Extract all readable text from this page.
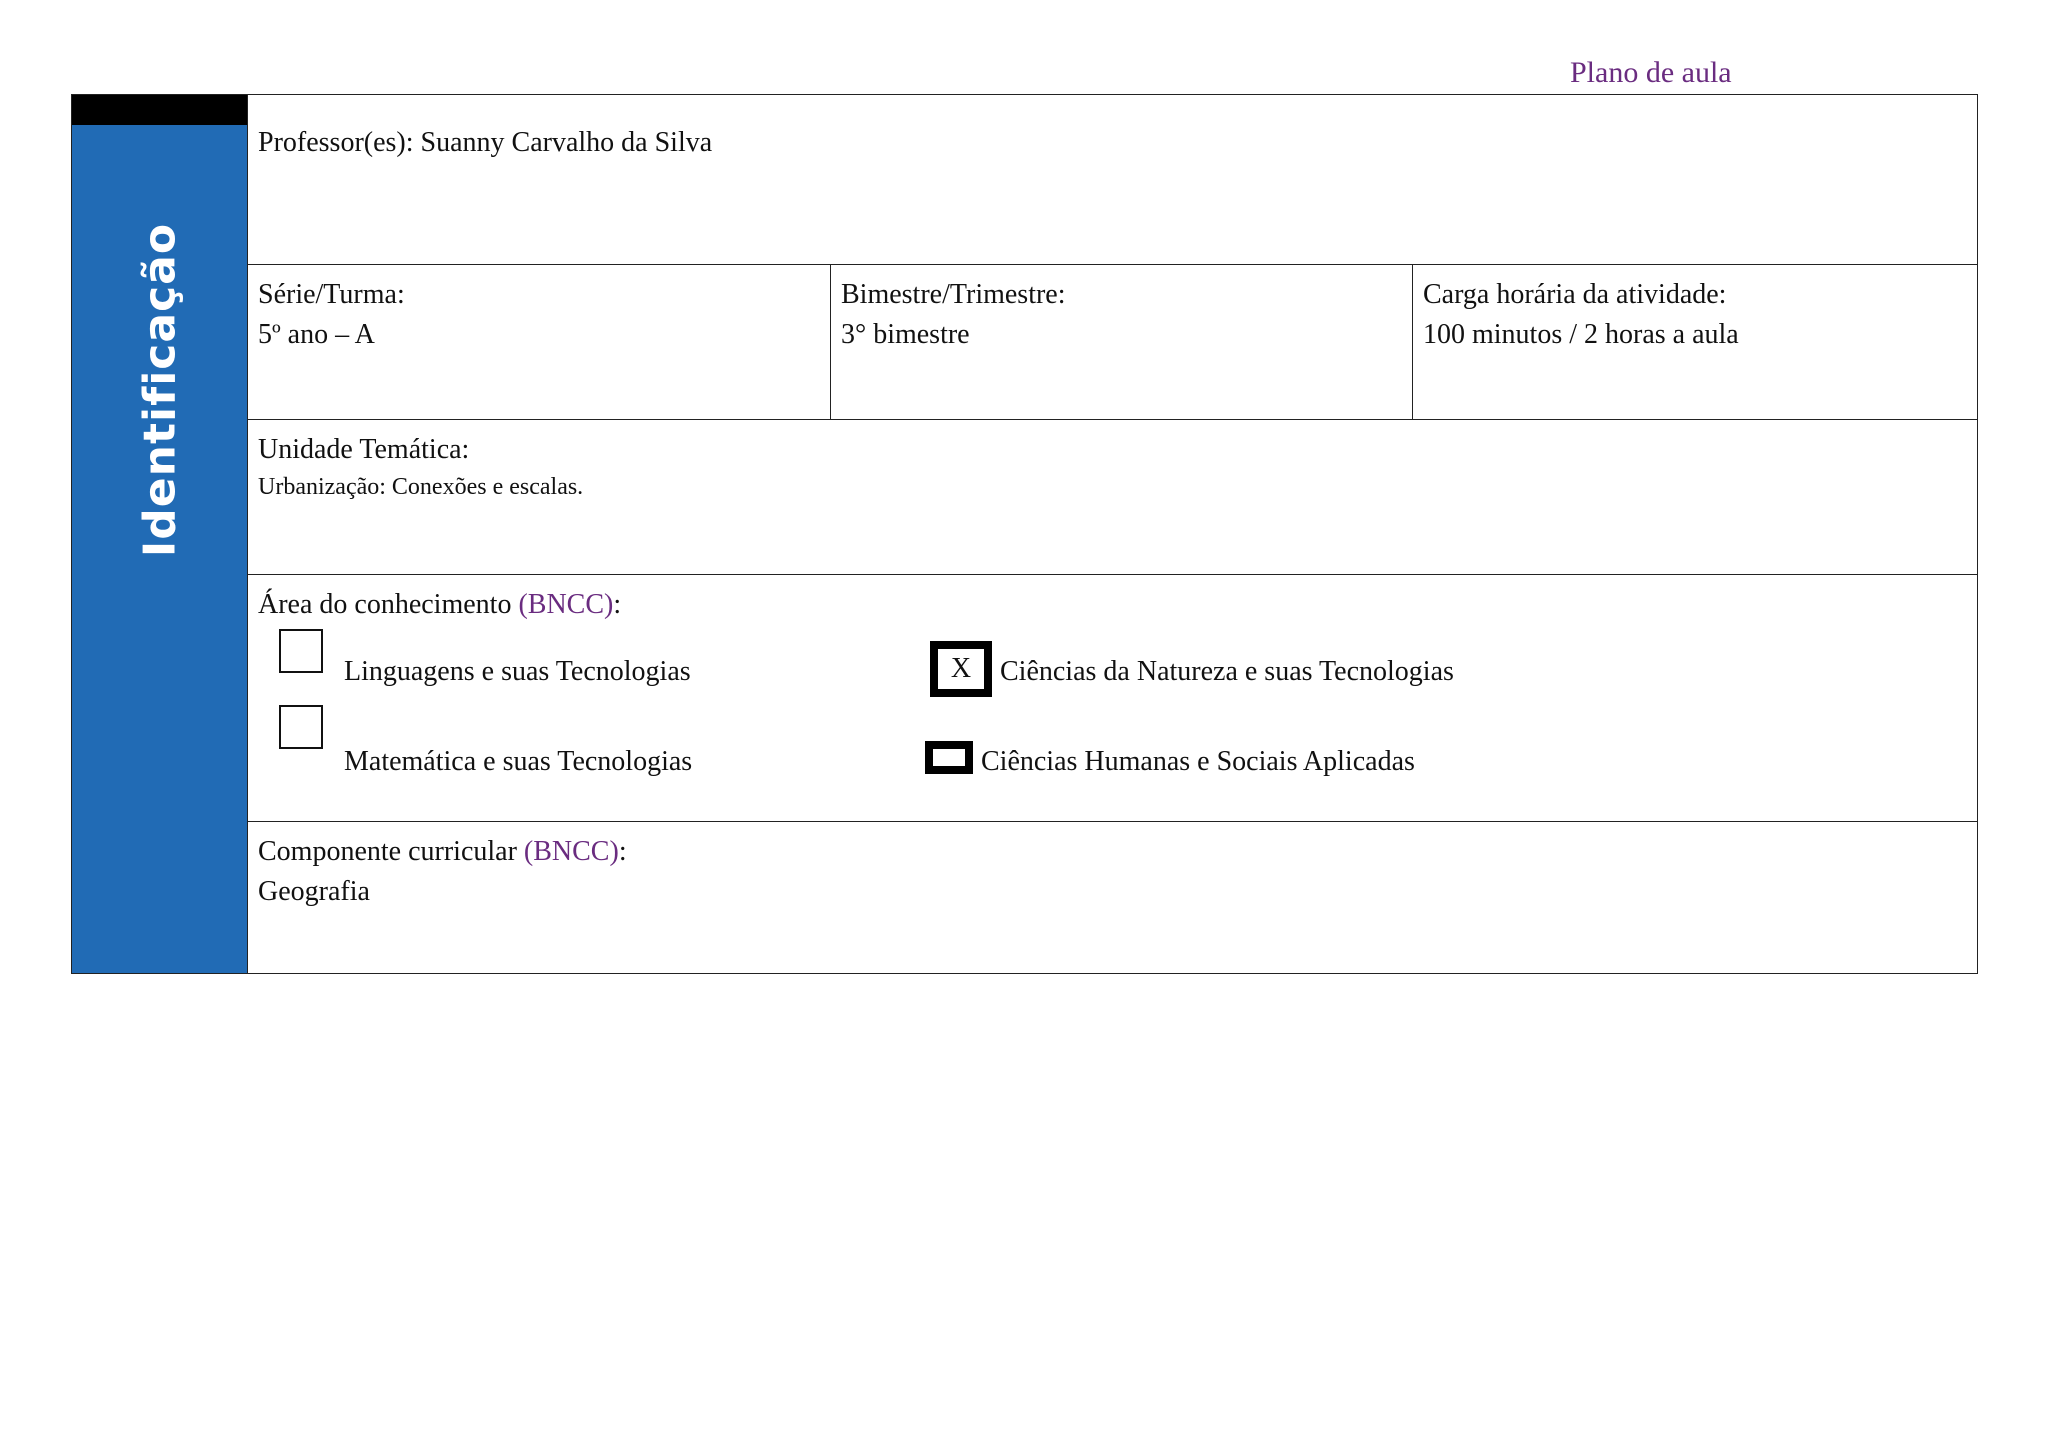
Plano de aula
Identificação
Professor(es): Suanny Carvalho da Silva
Série/Turma:
5º ano – A
Bimestre/Trimestre:
3° bimestre
Carga horária da atividade:
100 minutos / 2 horas a aula
Unidade Temática:
Urbanização: Conexões e escalas.
Área do conhecimento (BNCC):
Linguagens e suas Tecnologias	X	Ciências da Natureza e suas Tecnologias
Matemática e suas Tecnologias	Ciências Humanas e Sociais Aplicadas
Componente curricular (BNCC):
Geografia
